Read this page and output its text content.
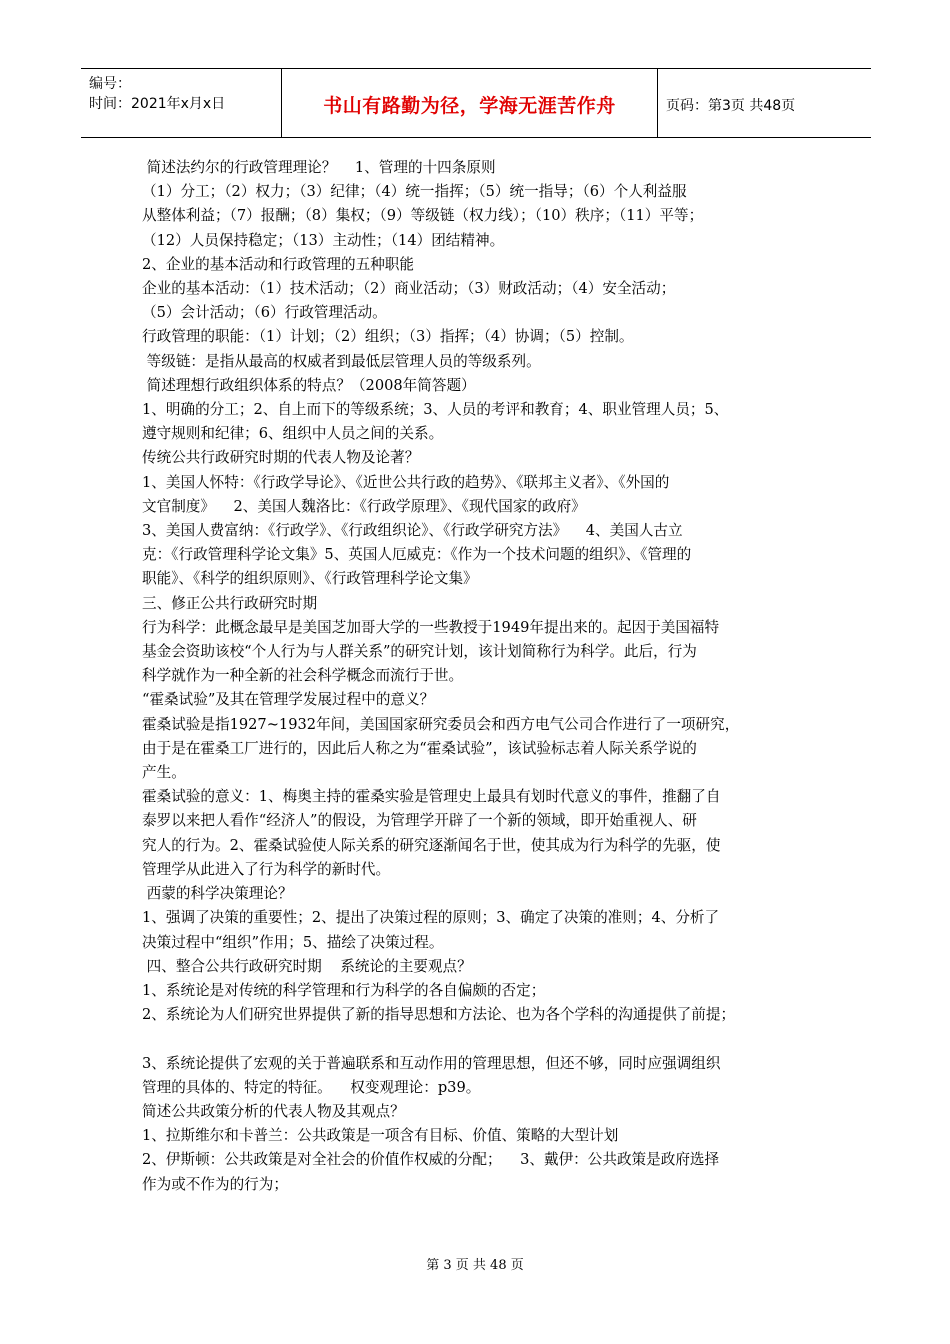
编号：
时间：2021年x月x日	书山有路勤为径，学海无涯苦作舟	页码：第3页 共48页

简述法约尔的行政管理理论？    1、管理的十四条原则

（1）分工；（2）权力；（3）纪律；（4）统一指挥；（5）统一指导；（6）个人利益服

从整体利益；（7）报酬；（8）集权；（9）等级链（权力线）；（10）秩序；（11）平等；

（12）人员保持稳定；（13）主动性；（14）团结精神。

2、企业的基本活动和行政管理的五种职能

企业的基本活动：（1）技术活动；（2）商业活动；（3）财政活动；（4）安全活动；

（5）会计活动；（6）行政管理活动。

行政管理的职能：（1）计划；（2）组织；（3）指挥；（4）协调；（5）控制。

等级链：是指从最高的权威者到最低层管理人员的等级系列。

简述理想行政组织体系的特点？（2008年简答题）

1、明确的分工；2、自上而下的等级系统；3、人员的考评和教育；4、职业管理人员；5、

遵守规则和纪律；6、组织中人员之间的关系。

传统公共行政研究时期的代表人物及论著？

1、美国人怀特：《行政学导论》、《近世公共行政的趋势》、《联邦主义者》、《外国的

文官制度》    2、美国人魏洛比：《行政学原理》、《现代国家的政府》

3、美国人费富纳：《行政学》、《行政组织论》、《行政学研究方法》    4、美国人古立

克：《行政管理科学论文集》5、英国人厄威克：《作为一个技术问题的组织》、《管理的

职能》、《科学的组织原则》、《行政管理科学论文集》

三、修正公共行政研究时期

行为科学：此概念最早是美国芝加哥大学的一些教授于1949年提出来的。起因于美国福特

基金会资助该校“个人行为与人群关系”的研究计划，该计划简称行为科学。此后，行为

科学就作为一种全新的社会科学概念而流行于世。

“霍桑试验”及其在管理学发展过程中的意义？

霍桑试验是指1927~1932年间，美国国家研究委员会和西方电气公司合作进行了一项研究，

由于是在霍桑工厂进行的，因此后人称之为“霍桑试验”，该试验标志着人际关系学说的

产生。

霍桑试验的意义：1、梅奥主持的霍桑实验是管理史上最具有划时代意义的事件，推翻了自

泰罗以来把人看作“经济人”的假设，为管理学开辟了一个新的领域，即开始重视人、研

究人的行为。2、霍桑试验使人际关系的研究逐渐闻名于世，使其成为行为科学的先驱，使

管理学从此进入了行为科学的新时代。

西蒙的科学决策理论？

1、强调了决策的重要性；2、提出了决策过程的原则；3、确定了决策的准则；4、分析了

决策过程中“组织”作用；5、描绘了决策过程。

四、整合公共行政研究时期    系统论的主要观点？

1、系统论是对传统的科学管理和行为科学的各自偏颇的否定；

2、系统论为人们研究世界提供了新的指导思想和方法论、也为各个学科的沟通提供了前提；

3、系统论提供了宏观的关于普遍联系和互动作用的管理思想，但还不够，同时应强调组织

管理的具体的、特定的特征。    权变观理论：p39。

简述公共政策分析的代表人物及其观点？

1、拉斯维尔和卡普兰：公共政策是一项含有目标、价值、策略的大型计划

2、伊斯顿：公共政策是对全社会的价值作权威的分配；    3、戴伊：公共政策是政府选择

作为或不作为的行为；

第 3 页 共 48 页
